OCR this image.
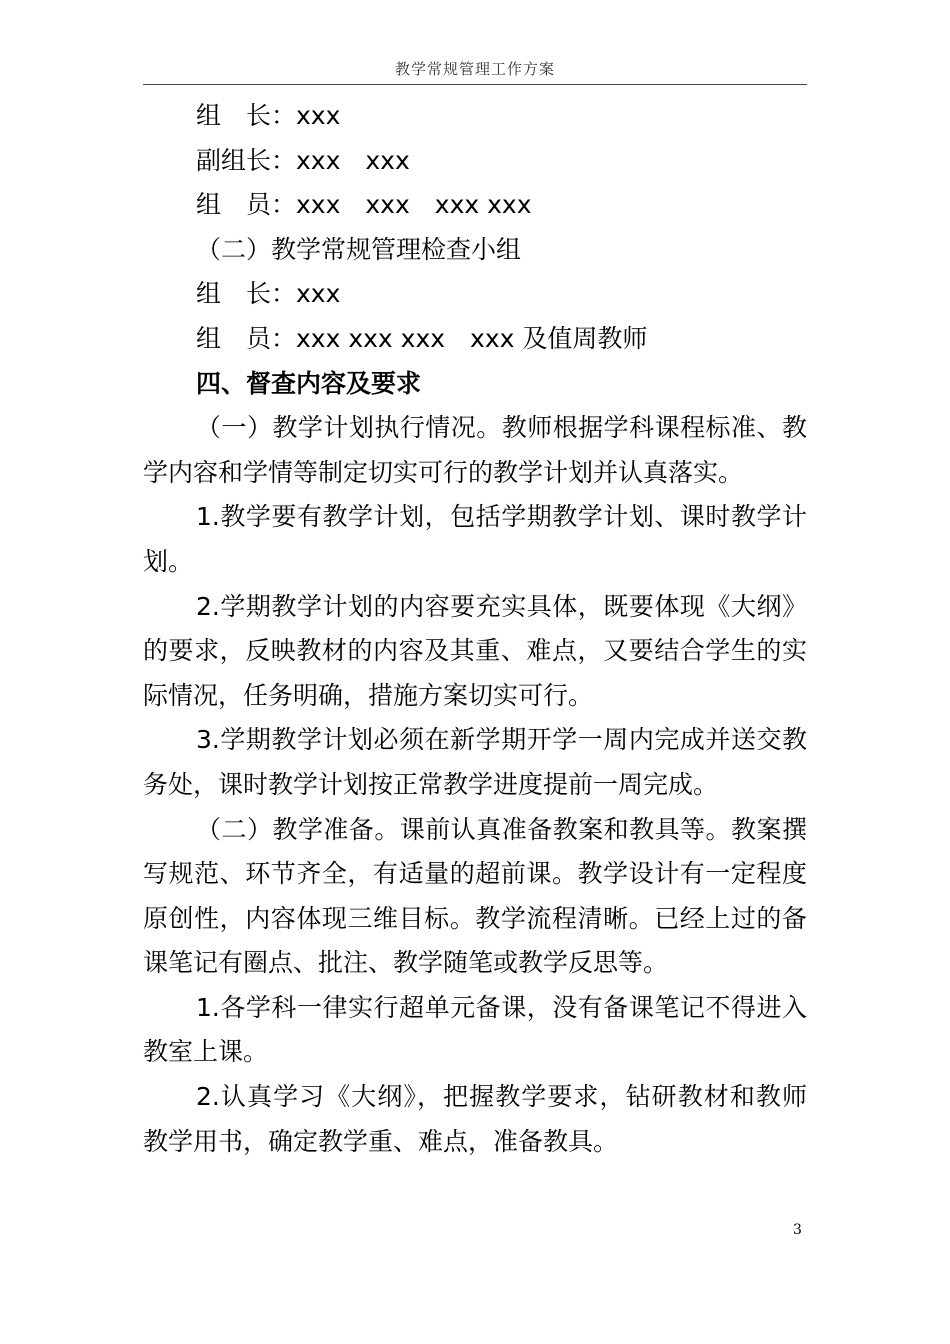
教学常规管理工作方案
组　长：xxx
副组长：xxx　xxx
组　员：xxx　xxx　xxx xxx
（二）教学常规管理检查小组
组　长：xxx
组　员：xxx xxx xxx　xxx 及值周教师
四、督查内容及要求

（一）教学计划执行情况。教师根据学科课程标准、教学内容和学情等制定切实可行的教学计划并认真落实。

1.教学要有教学计划，包括学期教学计划、课时教学计划。

2.学期教学计划的内容要充实具体，既要体现《大纲》的要求，反映教材的内容及其重、难点，又要结合学生的实际情况，任务明确，措施方案切实可行。

3.学期教学计划必须在新学期开学一周内完成并送交教务处，课时教学计划按正常教学进度提前一周完成。

（二）教学准备。课前认真准备教案和教具等。教案撰写规范、环节齐全，有适量的超前课。教学设计有一定程度原创性，内容体现三维目标。教学流程清晰。已经上过的备课笔记有圈点、批注、教学随笔或教学反思等。

1.各学科一律实行超单元备课，没有备课笔记不得进入教室上课。

2.认真学习《大纲》，把握教学要求，钻研教材和教师教学用书，确定教学重、难点，准备教具。

3
